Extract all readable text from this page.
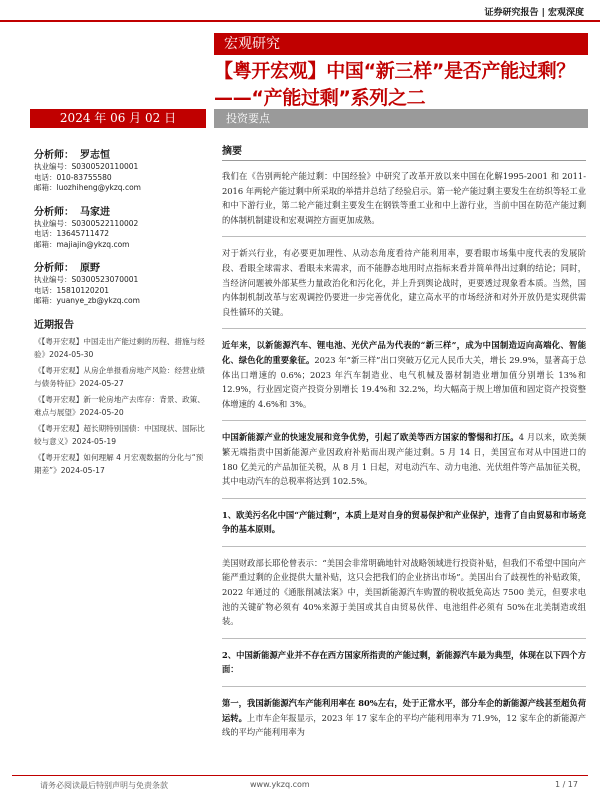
证券研究报告 | 宏观深度
宏观研究
【粤开宏观】中国“新三样”是否产能过剩？——“产能过剩”系列之二
2024 年 06 月 02 日	投资要点
分析师： 罗志恒
执业编号：S0300520110001
电话：010-83755580
邮箱：luozhiheng@ykzq.com
分析师： 马家进
执业编号：S0300522110002
电话：13645711472
邮箱：majiajin@ykzq.com
分析师： 原野
执业编号：S0300523070001
电话：15810120201
邮箱：yuanye_zb@ykzq.com
近期报告
《【粤开宏观】中国走出产能过剩的历程、措施与经验》2024-05-30
《【粤开宏观】从房企单报看房地产风险：经营业绩与债务特征》2024-05-27
《【粤开宏观】新一轮房地产去库存：背景、政策、难点与展望》2024-05-20
《【粤开宏观】超长期特别国债：中国现状、国际比较与意义》2024-05-19
《【粤开宏观】如何理解 4 月宏观数据的分化与“预期差”》2024-05-17
摘要

我们在《告别两轮产能过剩：中国经验》中研究了改革开放以来中国在化解1995-2001 和 2011-2016 年两轮产能过剩中所采取的举措并总结了经验启示。第一轮产能过剩主要发生在纺织等轻工业和中下游行业，第二轮产能过剩主要发生在钢铁等重工业和中上游行业，当前中国在防范产能过剩的体制机制建设和宏观调控方面更加成熟。

对于新兴行业，有必要更加理性、从动态角度看待产能利用率，要看眼市场集中度代表的发展阶段、看眼全球需求、看眼未来需求，而不能静态地用时点指标来看并简单得出过剩的结论；同时，当经济问题被外部某些力量政治化和污化化，并上升到舆论战时，更要透过现象看本质。当然，国内体制机制改革与宏观调控仍要进一步完善优化，建立高水平的市场经济和对外开放仍是实现供需良性循环的关键。

近年来，以新能源汽车、锂电池、光伏产品为代表的“新三样”，成为中国制造迈向高端化、智能化、绿色化的重要象征。2023 年“新三样”出口突破万亿元人民币大关，增长 29.9%，显著高于总体出口增速的 0.6%；2023 年汽车制造业、电气机械及器材制造业增加值分别增长 13%和 12.9%，行业固定资产投资分别增长 19.4%和 32.2%，均大幅高于规上增加值和固定资产投资整体增速的 4.6%和 3%。

中国新能源产业的快速发展和竞争优势，引起了欧美等西方国家的警惕和打压。4 月以来，欧美频繁无端指责中国新能源产业因政府补贴而出现产能过剩。5 月 14 日，美国宣布对从中国进口的 180 亿美元的产品加征关税，从 8 月 1 日起，对电动汽车、动力电池、光伏组件等产品加征关税，其中电动汽车的总税率将达到 102.5%。

1、欧美污名化中国“产能过剩”，本质上是对自身的贸易保护和产业保护，违背了自由贸易和市场竞争的基本原则。

美国财政部长耶伦曾表示：“美国会非常明确地针对战略领域进行投资补贴，但我们不希望中国向产能严重过剩的企业提供大量补贴，这只会把我们的企业挤出市场”。美国出台了歧视性的补贴政策，2022 年通过的《通胀削减法案》中，美国新能源汽车购置的税收抵免高达 7500 美元，但要求电池的关键矿物必须有 40%来源于美国或其自由贸易伙伴、电池组件必须有 50%在北美制造或组装。

2、中国新能源产业并不存在西方国家所指责的产能过剩，新能源汽车最为典型，体现在以下四个方面：

第一，我国新能源汽车产能利用率在 80%左右，处于正常水平，部分车企的新能源产线甚至超负荷运转。上市车企年报显示，2023 年 17 家车企的平均产能利用率为 71.9%，12 家车企的新能源产线的平均产能利用率为

请务必阅读最后特别声明与免责条款	www.ykzq.com	1 / 17
